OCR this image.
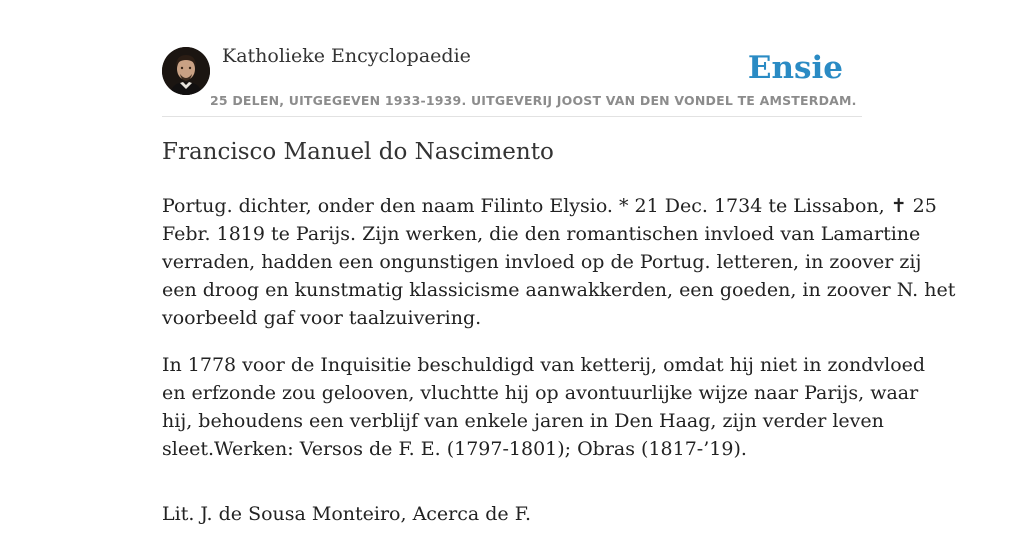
Katholieke Encyclopaedie	Ensie
25 DELEN, UITGEGEVEN 1933-1939. UITGEVERIJ JOOST VAN DEN VONDEL TE AMSTERDAM.
Francisco Manuel do Nascimento

Portug. dichter, onder den naam Filinto Elysio. * 21 Dec. 1734 te Lissabon, ✝ 25
Febr. 1819 te Parijs. Zijn werken, die den romantischen invloed van Lamartine
verraden, hadden een ongunstigen invloed op de Portug. letteren, in zoover zij
een droog en kunstmatig klassicisme aanwakkerden, een goeden, in zoover N. het
voorbeeld gaf voor taalzuivering.

In 1778 voor de Inquisitie beschuldigd van ketterij, omdat hij niet in zondvloed
en erfzonde zou gelooven, vluchtte hij op avontuurlijke wijze naar Parijs, waar
hij, behoudens een verblijf van enkele jaren in Den Haag, zijn verder leven
sleet.Werken: Versos de F. E. (1797-1801); Obras (1817-’19).

Lit. J. de Sousa Monteiro, Acerca de F.
